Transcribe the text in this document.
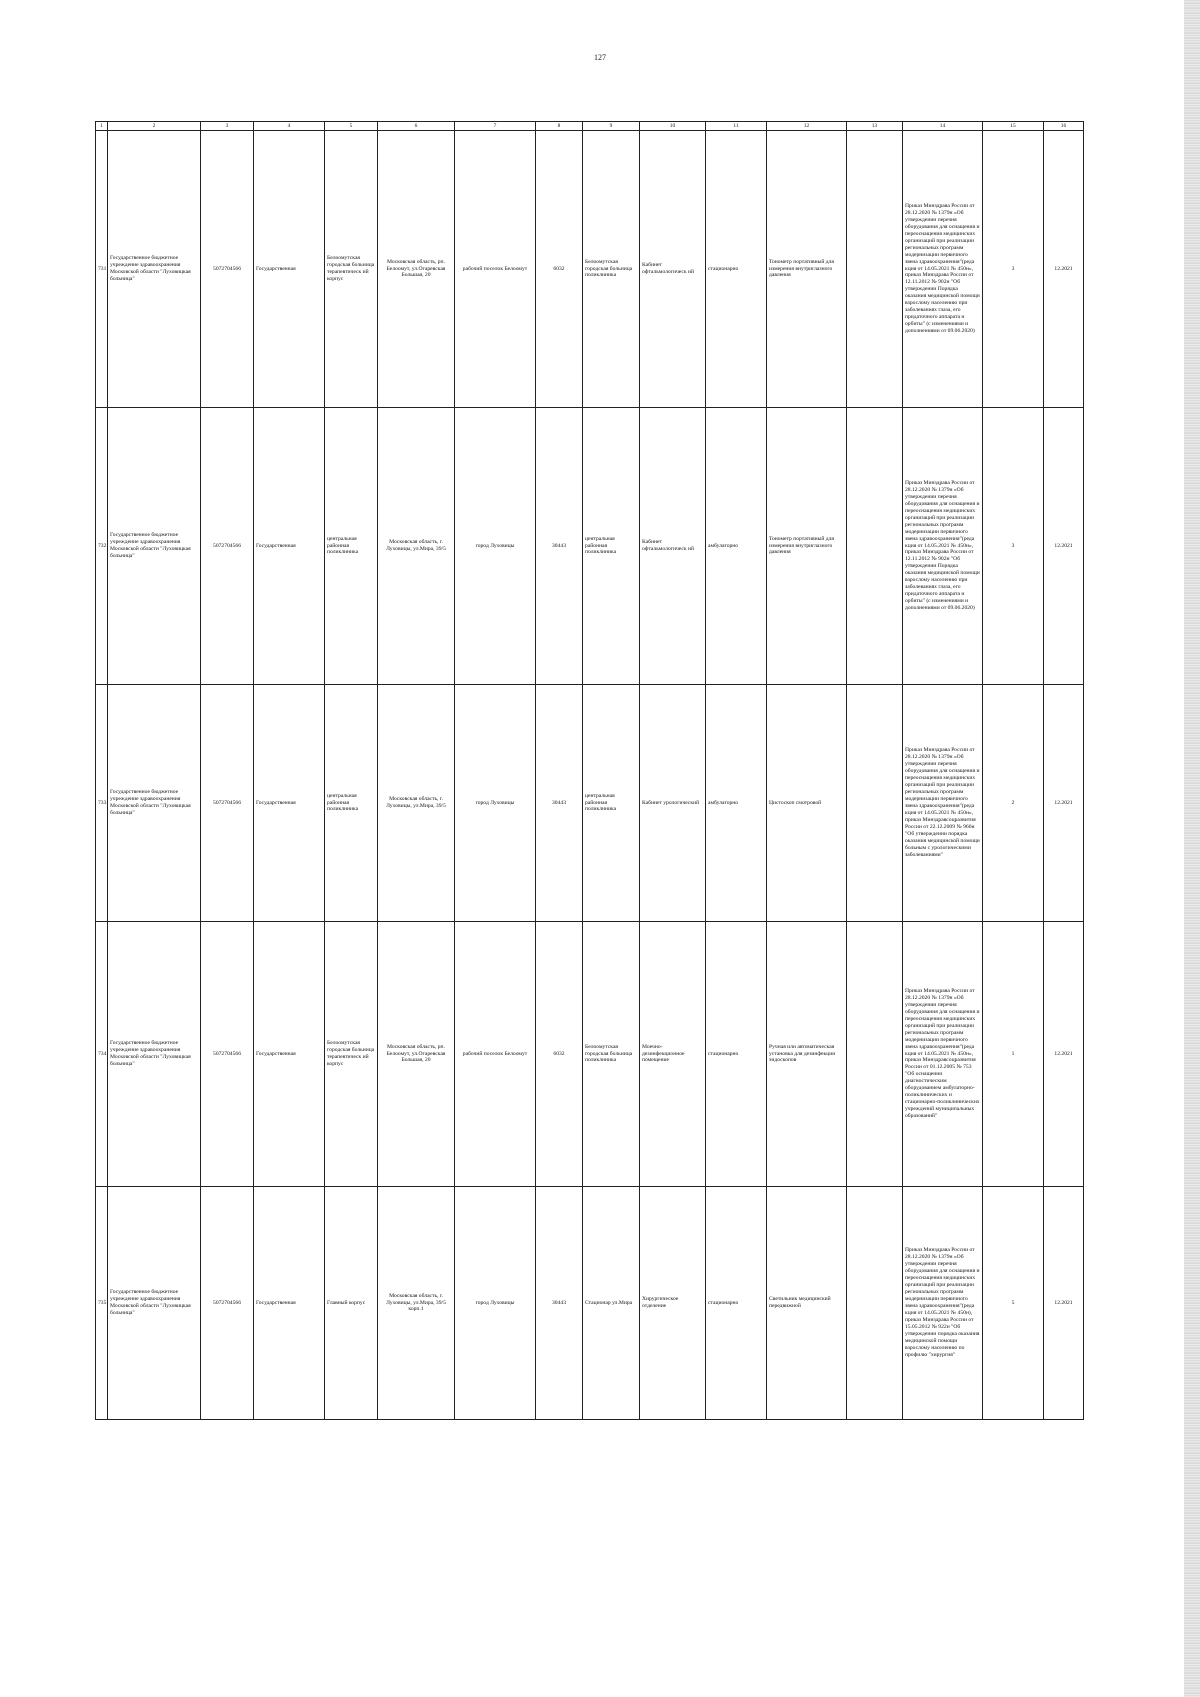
127
1	2	3	4	5	6	7	8	9	10	11	12	13	14	15	16
731	Государственное бюджетное учреждение здравоохранения Московской области "Луховицкая больница"	5072704566	Государственная	Белоомутская городская больница терапевтическ ий корпус	Московская область, рп. Белоомут, ул.Огаревская Большая, 20	рабочий поселок Белоомут	6032	Белоомутская городская больница поликлиника	Кабинет офтальмологическ ий	стационарно	Тонометр портативный для измерения внутриглазного давления		Приказ Минздрава России от 28.12.2020 № 1379н «Об утверждении перечня оборудования для оснащения и переоснащения медицинских организаций при реализации региональных программ модернизации первичного звена здравоохранения"(реда кция от 14.05.2021 № 450н», приказ Минздрава России от 12.11.2012 № 902н "Об утверждении Порядка оказания медицинской помощи взрослому населению при заболеваниях глаза, его придаточного аппарата и орбиты" (с изменениями и дополнениями от 09.06.2020)	3	12.2021
732	Государственное бюджетное учреждение здравоохранения Московской области "Луховицкая больница"	5072704566	Государственная	центральная районная поликлиника	Московская область, г. Луховицы, ул.Мира, 39/5	город Луховицы	30443	центральная районная поликлиника	Кабинет офтальмологическ ий	амбулаторно	Тонометр портативный для измерения внутриглазного давления		Приказ Минздрава России от 28.12.2020 № 1379н «Об утверждении перечня оборудования для оснащения и переоснащения медицинских организаций при реализации региональных программ модернизации первичного звена здравоохранения"(реда кция от 14.05.2021 № 450н», приказ Минздрава России от 12.11.2012 № 902н "Об утверждении Порядка оказания медицинской помощи взрослому населению при заболеваниях глаза, его придаточного аппарата и орбиты" (с изменениями и дополнениями от 09.06.2020)	3	12.2021
733	Государственное бюджетное учреждение здравоохранения Московской области "Луховицкая больница"	5072704566	Государственная	центральная районная поликлиника	Московская область, г. Луховицы, ул.Мира, 39/5	город Луховицы	30443	центральная районная поликлиника	Кабинет урологический	амбулаторно	Цистоскоп смотровой		Приказ Минздрава России от 28.12.2020 № 1379н «Об утверждении перечня оборудования для оснащения и переоснащения медицинских организаций при реализации региональных программ модернизации первичного звена здравоохранения"(реда кция от 14.05.2021 № 450н», приказ Минздравсоцразвития России от 22.12.2009 № 966н "Об утверждении порядка оказания медицинской помощи больным с урологическими заболеваниями"	2	12.2021
734	Государственное бюджетное учреждение здравоохранения Московской области "Луховицкая больница"	5072704566	Государственная	Белоомутская городская больница терапевтическ ий корпус	Московская область, рп. Белоомут, ул.Огаревская Большая, 20	рабочий поселок Белоомут	6032	Белоомутская городская больница поликлиника	Моечно-дезинфекционное помещение	стационарно	Ручная или автоматическая установка для дезинфекции эндоскопов		Приказ Минздрава России от 28.12.2020 № 1379н «Об утверждении перечня оборудования для оснащения и переоснащения медицинских организаций при реализации региональных программ модернизации первичного звена здравоохранения"(реда кция от 14.05.2021 № 450н», приказ Минздравсоцразвития России от 01.12.2005 № 753 "Об оснащении диагностическим оборудованием амбулаторно-поликлинических и стационарно-поликлинических учреждений муниципальных образований"	1	12.2021
735	Государственное бюджетное учреждение здравоохранения Московской области "Луховицкая больница"	5072704566	Государственная	Главный корпус	Московская область, г. Луховицы, ул.Мира, 39/5 корп.1	город Луховицы	30443	Стационар ул.Мира	Хирургическое отделение	стационарно	Светильник медицинский передвижной		Приказ Минздрава России от 28.12.2020 № 1379н «Об утверждении перечня оборудования для оснащения и переоснащения медицинских организаций при реализации региональных программ модернизации первичного звена здравоохранения"(реда кция от 14.05.2021 № 450н), приказ Минздрава России от 15.05.2012 № 922н "Об утверждении порядка оказания медицинской помощи взрослому населению по профилю "хирургия"	5	12.2021
